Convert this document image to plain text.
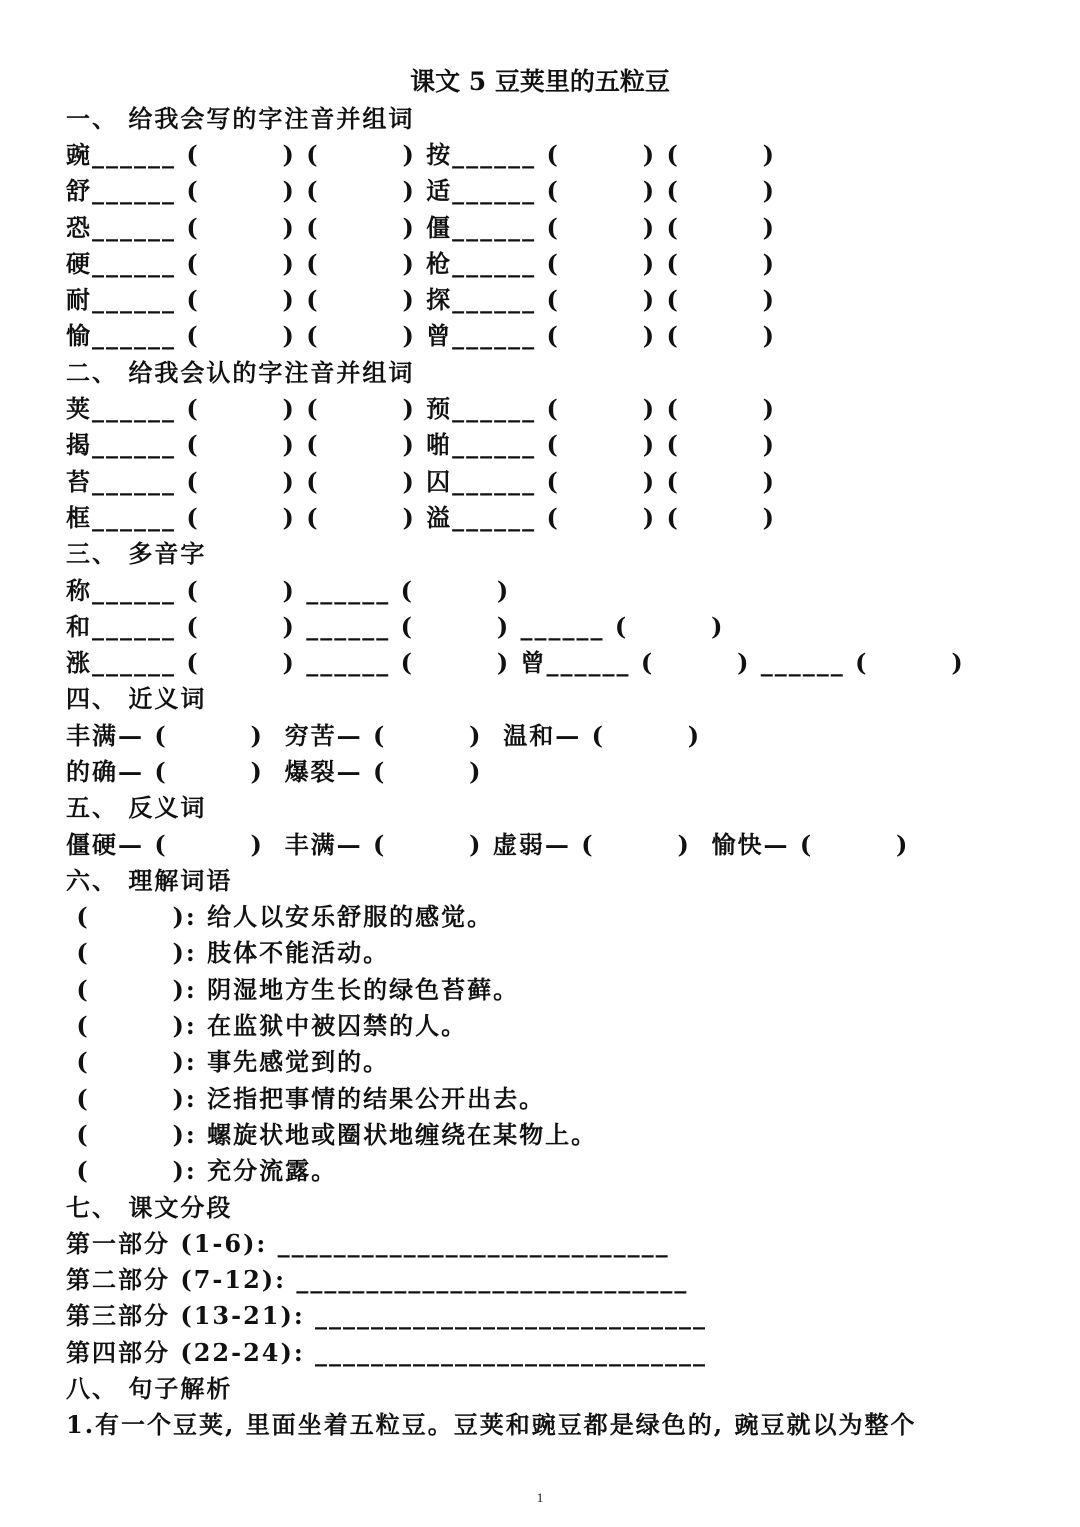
课文 5 豆荚里的五粒豆
一、 给我会写的字注音并组词
豌______ (        ) (        ) 按______ (        ) (        )
舒______ (        ) (        ) 适______ (        ) (        )
恐______ (        ) (        ) 僵______ (        ) (        )
硬______ (        ) (        ) 枪______ (        ) (        )
耐______ (        ) (        ) 探______ (        ) (        )
愉______ (        ) (        ) 曾______ (        ) (        )
二、 给我会认的字注音并组词
荚______ (        ) (        ) 预______ (        ) (        )
揭______ (        ) (        ) 啪______ (        ) (        )
苔______ (        ) (        ) 囚______ (        ) (        )
框______ (        ) (        ) 溢______ (        ) (        )
三、 多音字
称______ (        ) ______ (        )
和______ (        ) ______ (        ) ______ (        )
涨______ (        ) ______ (        ) 曾______ (        ) ______ (        )
四、 近义词
丰满— (        )  穷苦— (        )  温和— (        )
的确— (        )  爆裂— (        )
五、 反义词
僵硬— (        )  丰满— (        ) 虚弱— (        )  愉快— (        )
六、 理解词语
(        ): 给人以安乐舒服的感觉。
(        ): 肢体不能活动。
(        ): 阴湿地方生长的绿色苔藓。
(        ): 在监狱中被囚禁的人。
(        ): 事先感觉到的。
(        ): 泛指把事情的结果公开出去。
(        ): 螺旋状地或圈状地缠绕在某物上。
(        ): 充分流露。
七、 课文分段
第一部分 (1-6): ____________________________
第二部分 (7-12): ____________________________
第三部分 (13-21): ____________________________
第四部分 (22-24): ____________________________
八、 句子解析
1.有一个豆荚, 里面坐着五粒豆。豆荚和豌豆都是绿色的, 豌豆就以为整个
1
